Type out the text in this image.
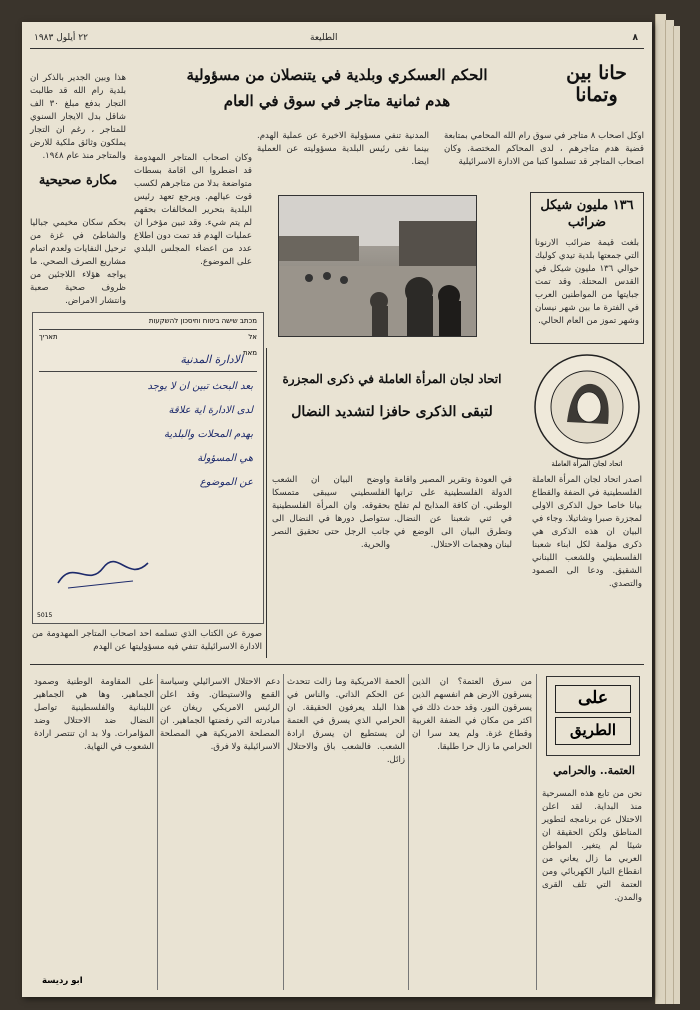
٨
الطليعة
٢٢ أيلول ١٩٨٣
حانا بين وتمانا
الحكم العسكري وبلدية في يتنصلان من مسؤولية
هدم ثمانية متاجر في سوق في العام
اوكل اصحاب ٨ متاجر في سوق رام الله المحامي بمتابعة قضية هدم متاجرهم ، لدى المحاكم المختصة. وكان اصحاب المتاجر قد تسلموا كتبا من الادارة الاسرائيلية
المدنية تنفي مسؤولية الاخيرة عن عملية الهدم. بينما نفى رئيس البلدية مسؤوليته عن العملية ايضا.
وكان اصحاب المتاجر المهدومة قد اضطروا الى اقامة بسطات متواضعة بدلا من متاجرهم لكسب قوت عيالهم. ويرجع تعهد رئيس البلدية بتحرير المخالفات بحقهم لم يتم شيء. وقد تبين مؤخرا ان عمليات الهدم قد تمت دون اطلاع عدد من اعضاء المجلس البلدي على الموضوع.
هذا وبين الجدير بالذكر ان بلدية رام الله قد طالبت التجار بدفع مبلغ ٣٠ الف شاقل بدل الايجار السنوي للمتاجر ، رغم ان التجار يملكون وثائق ملكية للارض والمتاجر منذ عام ١٩٤٨.
مكارة صحيحية
بحكم سكان مخيمي جباليا والشاطئ في غزة من ترحيل النفايات ولعدم اتمام مشاريع الصرف الصحي. ما يواجه هؤلاء اللاجئين من ظروف صحية صعبة وانتشار الامراض.
١٣٦ مليون شيكل ضرائب
بلغت قيمة ضرائب الارنونا التي جمعتها بلدية تيدي كوليك حوالي ١٣٦ مليون شيكل في القدس المحتلة. وقد تمت جبايتها من المواطنين العرب في الفترة ما بين شهر نيسان وشهر تموز من العام الحالي.
מכתב שישה ביטוח וחיסכון להשקעות
אל
מאת
תאריך
الادارة المدنية
بعد البحث تبين ان لا يوجد
لدى الادارة اية علاقة
بهدم المحلات والبلدية
هي المسؤولة
عن الموضوع
5015
صورة عن الكتاب الذي تسلمه احد اصحاب المتاجر المهدومة من الادارة الاسرائيلية تنفي فيه مسؤوليتها عن الهدم
اتحاد لجان المرأة العاملة في ذكرى المجزرة
لتبقى الذكرى حافزا لتشديد النضال
اتحاد لجان المرأة العاملة
اصدر اتحاد لجان المرأة العاملة الفلسطينية في الضفة والقطاع بيانا خاصا حول الذكرى الاولى لمجزرة صبرا وشاتيلا. وجاء في البيان ان هذه الذكرى هي ذكرى مؤلمة لكل ابناء شعبنا الفلسطيني وللشعب اللبناني الشقيق. ودعا الى الصمود والتصدي.
في العودة وتقرير المصير واقامة الدولة الفلسطينية على ترابها الوطني. ان كافة المذابح لم تفلح في ثني شعبنا عن النضال. وتطرق البيان الى الوضع في لبنان وهجمات الاحتلال.
واوضح البيان ان الشعب الفلسطيني سيبقى متمسكا بحقوقه. وان المرأة الفلسطينية ستواصل دورها في النضال الى جانب الرجل حتى تحقيق النصر والحرية.
على
الطريق
العتمة.. والحرامي
نحن من تابع هذه المسرحية منذ البداية. لقد اعلن الاحتلال عن برنامجه لتطوير المناطق ولكن الحقيقة ان شيئا لم يتغير. المواطن العربي ما زال يعاني من انقطاع التيار الكهربائي ومن العتمة التي تلف القرى والمدن.
من سرق العتمة؟ ان الذين يسرقون الارض هم انفسهم الذين يسرقون النور. وقد حدث ذلك في اكثر من مكان في الضفة الغربية وقطاع غزة. ولم يعد سرا ان الحرامي ما زال حرا طليقا.
الحمة الامريكية وما زالت تتحدث عن الحكم الذاتي. والناس في هذا البلد يعرفون الحقيقة. ان الحرامي الذي يسرق في العتمة لن يستطيع ان يسرق ارادة الشعب. فالشعب باق والاحتلال زائل.
دعم الاحتلال الاسرائيلي وسياسة القمع والاستيطان. وقد اعلن الرئيس الامريكي ريغان عن مبادرته التي رفضتها الجماهير. ان المصلحة الامريكية هي المصلحة الاسرائيلية ولا فرق.
على المقاومة الوطنية وصمود الجماهير. وها هي الجماهير اللبنانية والفلسطينية تواصل النضال ضد الاحتلال وضد المؤامرات. ولا بد ان تنتصر ارادة الشعوب في النهاية.
ابو رديسة
